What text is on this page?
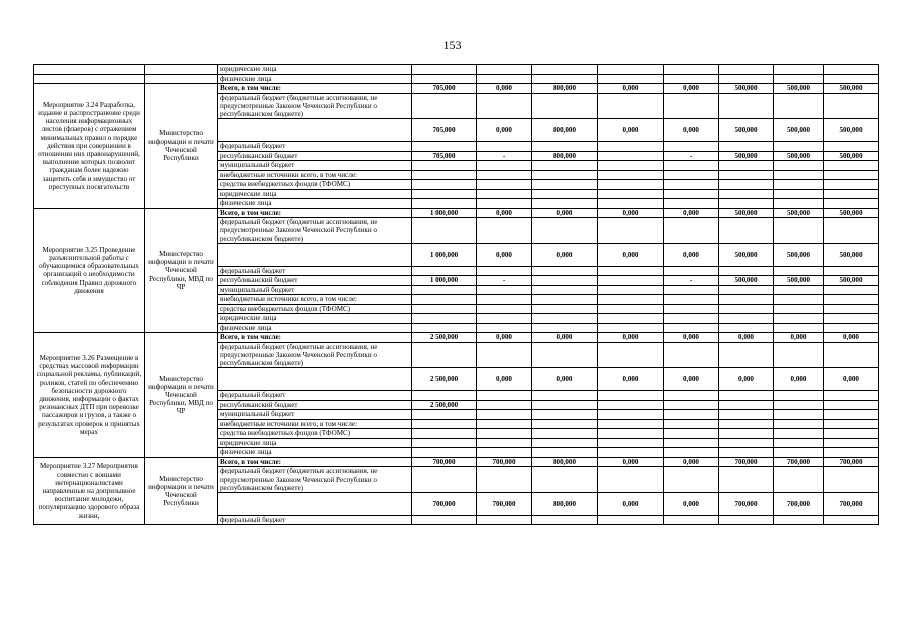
153
		юридические лица								
		физические лица								
Мероприятие 3.24 Разработка, издание и распространение среди населения информационных листов (флаеров) с отражением минимальных правил о порядке действия при совершении в отношении них правонарушений, выполнение которых позволит гражданам более надежно защитить себя и имущество от преступных посягательств	Министерство информации и печати Чеченской Республики	Всего, в том числе:	705,000	0,000	800,000	0,000	0,000	500,000	500,000	500,000
		федеральный бюджет (бюджетные ассигнования, не предусмотренные Законом Чеченской Республики о республиканском бюджете)								
			705,000	0,000	800,000	0,000	0,000	500,000	500,000	500,000
		федеральный бюджет								
		республиканский бюджет	705,000	-	800,000		-	500,000	500,000	500,000
		муниципальный бюджет								
		внебюджетные источники всего, в том числе:								
		средства внебюджетных фондов (ТФОМС)								
		юридические лица								
		физические лица								
Мероприятие 3.25 Проведение разъяснительной работы с обучающимися образовательных организаций о необходимости соблюдения Правил дорожного движения	Министерство информации и печати Чеченской Республики, МВД по ЧР	Всего, в том числе:	1 000,000	0,000	0,000	0,000	0,000	500,000	500,000	500,000
		федеральный бюджет (бюджетные ассигнования, не предусмотренные Законом Чеченской Республики о республиканском бюджете)								
			1 000,000	0,000	0,000	0,000	0,000	500,000	500,000	500,000
		федеральный бюджет								
		республиканский бюджет	1 000,000	-			-	500,000	500,000	500,000
		муниципальный бюджет								
		внебюджетные источники всего, в том числе:								
		средства внебюджетных фондов (ТФОМС)								
		юридические лица								
		физические лица								
Мероприятие 3.26 Размещение в средствах массовой информации социальной рекламы, публикаций, роликов, статей по обеспечению безопасности дорожного движения, информации о фактах резонансных ДТП при перевозке пассажиров и грузов, а также о результатах проверок и принятых мерах	Министерство информации и печати Чеченской Республики, МВД по ЧР	Всего, в том числе:	2 500,000	0,000	0,000	0,000	0,000	0,000	0,000	0,000
		федеральный бюджет (бюджетные ассигнования, не предусмотренные Законом Чеченской Республики о республиканском бюджете)								
			2 500,000	0,000	0,000	0,000	0,000	0,000	0,000	0,000
		федеральный бюджет								
		республиканский бюджет	2 500,000							
		муниципальный бюджет								
		внебюджетные источники всего, в том числе:								
		средства внебюджетных фондов (ТФОМС)								
		юридические лица								
		физические лица								
Мероприятие 3.27 Мероприятия совместно с воинами интернационалистами направленные на допризывное воспитание молодежи, популяризацию здорового образа жизни,	Министерство информации и печати Чеченской Республики	Всего, в том числе:	700,000	700,000	800,000	0,000	0,000	700,000	700,000	700,000
		федеральный бюджет (бюджетные ассигнования, не предусмотренные Законом Чеченской Республики о республиканском бюджете)								
			700,000	700,000	800,000	0,000	0,000	700,000	700,000	700,000
		федеральный бюджет								
